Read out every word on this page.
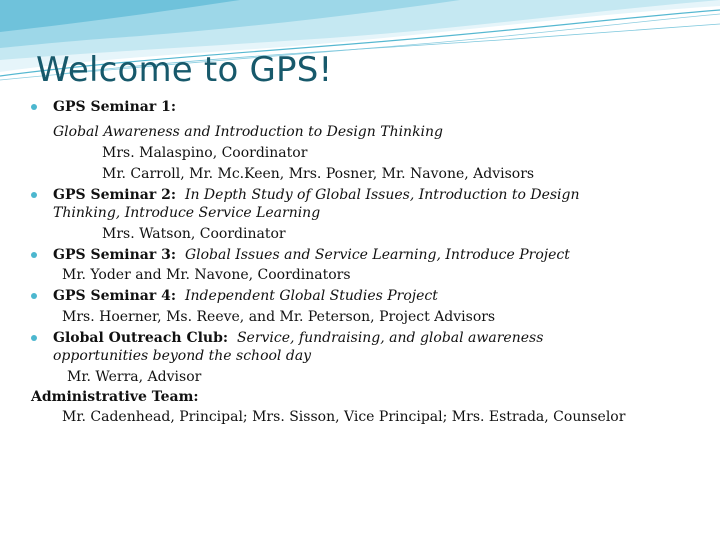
Welcome to GPS!
GPS Seminar 1:
Global Awareness and Introduction to Design Thinking
Mrs. Malaspino, Coordinator
Mr. Carroll, Mr. Mc.Keen, Mrs. Posner, Mr. Navone, Advisors
GPS Seminar 2: In Depth Study of Global Issues, Introduction to Design
Thinking, Introduce Service Learning
Mrs. Watson, Coordinator
GPS Seminar 3: Global Issues and Service Learning, Introduce Project
Mr. Yoder and Mr. Navone, Coordinators
GPS Seminar 4: Independent Global Studies Project
Mrs. Hoerner, Ms. Reeve, and Mr. Peterson, Project Advisors
Global Outreach Club: Service, fundraising, and global awareness
opportunities beyond the school day
Mr. Werra, Advisor
Administrative Team:
Mr. Cadenhead, Principal; Mrs. Sisson, Vice Principal; Mrs. Estrada, Counselor
